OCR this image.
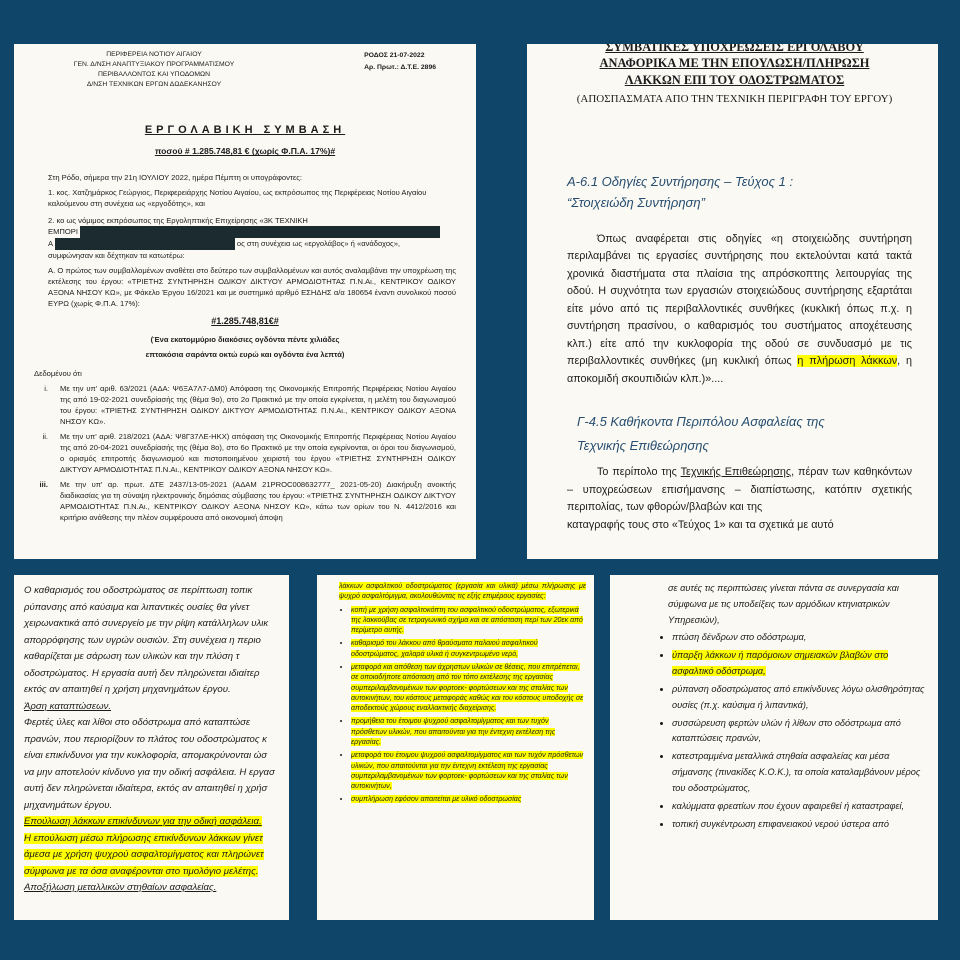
ΠΕΡΙΦΕΡΕΙΑ ΝΟΤΙΟΥ ΑΙΓΑΙΟΥ
ΓΕΝ. Δ/ΝΣΗ ΑΝΑΠΤΥΞΙΑΚΟΥ ΠΡΟΓΡΑΜΜΑΤΙΣΜΟΥ
ΠΕΡΙΒΑΛΛΟΝΤΟΣ ΚΑΙ ΥΠΟΔΟΜΩΝ
Δ/ΝΣΗ ΤΕΧΝΙΚΩΝ ΕΡΓΩΝ ΔΩΔΕΚΑΝΗΣΟΥ
ΡΟΔΟΣ 21-07-2022
Αρ. Πρωτ.: Δ.Τ.Ε. 2896
ΕΡΓΟΛΑΒΙΚΗ ΣΥΜΒΑΣΗ
ποσού # 1.285.748,81 € (χωρίς Φ.Π.Α. 17%)#

Στη Ρόδο, σήμερα την 21η ΙΟΥΛΙΟΥ 2022, ημέρα Πέμπτη οι υπογράφοντες:

1. κος. Χατζημάρκος Γεώργιος, Περιφερειάρχης Νοτίου Αιγαίου, ως εκπρόσωπος της Περιφέρειας Νοτίου Αιγαίου καλούμενου στη συνέχεια ως «εργοδότης», και

2. κο ως νόμιμος εκπρόσωπος της Εργοληπτικής Επιχείρησης «3Κ ΤΕΧΝΙΚΗ
ΕΜΠΟΡΙ
Α	ος στη συνέχεια ως «εργολάβος» ή «ανάδοχος»,
συμφώνησαν και δέχτηκαν τα κατωτέρω:

Α. Ο πρώτος των συμβαλλομένων αναθέτει στο δεύτερο των συμβαλλομένων και αυτός αναλαμβάνει την υποχρέωση της εκτέλεσης του έργου: «ΤΡΙΕΤΗΣ ΣΥΝΤΗΡΗΣΗ ΟΔΙΚΟΥ ΔΙΚΤΥΟΥ ΑΡΜΟΔΙΟΤΗΤΑΣ Π.Ν.Αι., ΚΕΝΤΡΙΚΟΥ ΟΔΙΚΟΥ ΑΞΟΝΑ ΝΗΣΟΥ ΚΩ», με Φάκελο Έργου 16/2021 και με συστημικό αριθμό ΕΣΗΔΗΣ α/α 180654 έναντι συνολικού ποσού ΕΥΡΩ (χωρίς Φ.Π.Α. 17%):

#1.285.748,81€#
(Ένα εκατομμύριο διακόσιες ογδόντα πέντε χιλιάδες
επτακόσια σαράντα οκτώ ευρώ και ογδόντα ένα λεπτά)

Δεδομένου ότι

i. Με την υπ' αριθ. 63/2021 (ΑΔΑ: Ψ6ΞΑ7Λ7-ΔΜ0) Απόφαση της Οικονομικής Επιτροπής Περιφέρειας Νοτίου Αιγαίου της από 19-02-2021 συνεδρίασής της (θέμα 9ο), στο 2ο Πρακτικό με την οποία εγκρίνεται, η μελέτη του διαγωνισμού του έργου: «ΤΡΙΕΤΗΣ ΣΥΝΤΗΡΗΣΗ ΟΔΙΚΟΥ ΔΙΚΤΥΟΥ ΑΡΜΟΔΙΟΤΗΤΑΣ Π.Ν.Αι., ΚΕΝΤΡΙΚΟΥ ΟΔΙΚΟΥ ΑΞΟΝΑ ΝΗΣΟΥ ΚΩ».
ii. Με την υπ' αριθ. 218/2021 (ΑΔΑ: Ψ8Γ37ΛΕ-ΗΚΧ) απόφαση της Οικονομικής Επιτροπής Περιφέρειας Νοτίου Αιγαίου της από 20-04-2021 συνεδρίασής της (θέμα 8ο), στο 6ο Πρακτικό με την οποία εγκρίνονται, οι όροι του διαγωνισμού, ο ορισμός επιτροπής διαγωνισμού και πιστοποιημένου χειριστή του έργου «ΤΡΙΕΤΗΣ ΣΥΝΤΗΡΗΣΗ ΟΔΙΚΟΥ ΔΙΚΤΥΟΥ ΑΡΜΟΔΙΟΤΗΤΑΣ Π.Ν.Αι., ΚΕΝΤΡΙΚΟΥ ΟΔΙΚΟΥ ΑΞΟΝΑ ΝΗΣΟΥ ΚΩ».
iii. Με την υπ' αρ. πρωτ. ΔΤΕ 2437/13-05-2021 (ΑΔΑΜ 21PROC008632777_ 2021-05-20) Διακήρυξη ανοικτής διαδικασίας για τη σύναψη ηλεκτρονικής δημόσιας σύμβασης του έργου: «ΤΡΙΕΤΗΣ ΣΥΝΤΗΡΗΣΗ ΟΔΙΚΟΥ ΔΙΚΤΥΟΥ ΑΡΜΟΔΙΟΤΗΤΑΣ Π.Ν.Αι., ΚΕΝΤΡΙΚΟΥ ΟΔΙΚΟΥ ΑΞΟΝΑ ΝΗΣΟΥ ΚΩ», κάτω των ορίων του Ν. 4412/2016 και κριτήριο ανάθεσης την πλέον συμφέρουσα από οικονομική άποψη
ΣΥΜΒΑΤΙΚΕΣ ΥΠΟΧΡΕΩΣΕΙΣ ΕΡΓΟΛΑΒΟΥ
ΑΝΑΦΟΡΙΚΑ ΜΕ ΤΗΝ ΕΠΟΥΛΩΣΗ/ΠΛΗΡΩΣΗ
ΛΑΚΚΩΝ ΕΠΙ ΤΟΥ ΟΔΟΣΤΡΩΜΑΤΟΣ
(ΑΠΟΣΠΑΣΜΑΤΑ ΑΠΟ ΤΗΝ ΤΕΧΝΙΚΗ ΠΕΡΙΓΡΑΦΗ ΤΟΥ ΕΡΓΟΥ)
Α-6.1 Οδηγίες Συντήρησης – Τεύχος 1 :
“Στοιχειώδη Συντήρηση”
Όπως αναφέρεται στις οδηγίες «η στοιχειώδης συντήρηση περιλαμβάνει τις εργασίες συντήρησης που εκτελούνται κατά τακτά χρονικά διαστήματα στα πλαίσια της απρόσκοπτης λειτουργίας της οδού. Η συχνότητα των εργασιών στοιχειώδους συντήρησης εξαρτάται είτε μόνο από τις περιβαλλοντικές συνθήκες (κυκλική όπως π.χ. η συντήρηση πρασίνου, ο καθαρισμός του συστήματος αποχέτευσης κλπ.) είτε από την κυκλοφορία της οδού σε συνδυασμό με τις περιβαλλοντικές συνθήκες (μη κυκλική όπως η πλήρωση λάκκων, η αποκομιδή σκουπιδιών κλπ.)»....
Γ-4.5 Καθήκοντα Περιπόλου Ασφαλείας της
Τεχνικής Επιθεώρησης
Το περίπολο της Τεχνικής Επιθεώρησης, πέραν των καθηκόντων – υποχρεώσεων επισήμανσης – διαπίστωσης, κατόπιν σχετικής περιπολίας, των φθορών/βλαβών και της
καταγραφής τους στο «Τεύχος 1» και τα σχετικά με αυτό
Ο καθαρισμός του οδοστρώματος σε περίπτωση τοπικ
ρύπανσης από καύσιμα και λιπαντικές ουσίες θα γίνετ
χειρωνακτικά από συνεργείο με την ρίψη κατάλληλων υλικ
απορρόφησης των υγρών ουσιών. Στη συνέχεια η περιο
καθαρίζεται με σάρωση των υλικών και την πλύση τ
οδοστρώματος. Η εργασία αυτή δεν πληρώνεται ιδιαίτερ
εκτός αν απαιτηθεί η χρήση μηχανημάτων έργου.
Άρση καταπτώσεων.
Φερτές ύλες και λίθοι στο οδόστρωμα από καταπτώσε
πρανών, που περιορίζουν το πλάτος του οδοστρώματος κ
είναι επικίνδυνοι για την κυκλοφορία, απομακρύνονται ώσ
να μην αποτελούν κίνδυνο για την οδική ασφάλεια. Η εργασ
αυτή δεν πληρώνεται ιδιαίτερα, εκτός αν απαιτηθεί η χρήσ
μηχανημάτων έργου.
Επούλωση λάκκων επικίνδυνων για την οδική ασφάλεια.
Η επούλωση μέσω πλήρωσης επικίνδυνων λάκκων γίνετ
άμεσα με χρήση ψυχρού ασφαλτομίγματος και πληρώνετ
σύμφωνα με τα όσα αναφέρονται στο τιμολόγιο μελέτης.
Αποξήλωση μεταλλικών στηθαίων ασφαλείας.
λάκκων ασφαλτικού οδοστρώματος (εργασία και υλικά) μέσω πλήρωσης με ψυχρό ασφαλτόμιγμα, ακολουθώντας τις εξής επιμέρους εργασίες:
• κοπή με χρήση ασφαλτοκόπτη του ασφαλτικού οδοστρώματος, εξωτερικά της λακκούβας σε τετραγωνικό σχήμα και σε απόσταση περί των 20εκ από περίμετρο αυτής.
• καθαρισμό του λάκκου από θραύσματα παλαιού ασφαλτικού οδοστρώματος, χαλαρά υλικά ή συγκεντρωμένο νερό,
• μεταφορά και απόθεση των άχρηστων υλικών σε θέσεις, που επιτρέπεται, σε οποιαδήποτε απόσταση από τον τόπο εκτέλεσης της εργασίας συμπεριλαμβανομένων των φορτοεκ- φορτώσεων και της σταλίας των αυτοκινήτων, του κόστους μεταφοράς καθώς και του κόστους υποδοχής σε αποδεκτούς χώρους εναλλακτικής διαχείρισης.
• προμήθεια του έτοιμου ψυχρού ασφαλτομίγματος και των τυχόν πρόσθετων υλικών, που απαιτούνται για την έντεχνη εκτέλεση της εργασίας.
• μεταφορά του έτοιμου ψυχρού ασφαλτομίγματος και των τυχόν πρόσθετων υλικών, που απαιτούνται για την έντεχνη εκτέλεση της εργασίας συμπεριλαμβανομένων των φορτοεκ- φορτώσεων και της σταλίας των αυτοκινήτων,
• συμπλήρωση εφόσον απαιτείται με υλικό οδοστρωσίας
σε αυτές τις περιπτώσεις γίνεται πάντα σε συνεργασία και σύμφωνα με τις υποδείξεις των αρμόδιων κτηνιατρικών Υπηρεσιών),
• πτώση δένδρων στο οδόστρωμα,
• ύπαρξη λάκκων ή παρόμοιων σημειακών βλαβών στο ασφαλτικό οδόστρωμα,
• ρύπανση οδοστρώματος από επικίνδυνες λόγω ολισθηρότητας ουσίες (π.χ. καύσιμα ή λιπαντικά),
• συσσώρευση φερτών υλών ή λίθων στο οδόστρωμα από καταπτώσεις πρανών,
• κατεστραμμένα μεταλλικά στηθαία ασφαλείας και μέσα σήμανσης (πινακίδες Κ.Ο.Κ.), τα οποία καταλαμβάνουν μέρος του οδοστρώματος,
• καλύμματα φρεατίων που έχουν αφαιρεθεί ή καταστραφεί,
• τοπική συγκέντρωση επιφανειακού νερού ύστερα από
